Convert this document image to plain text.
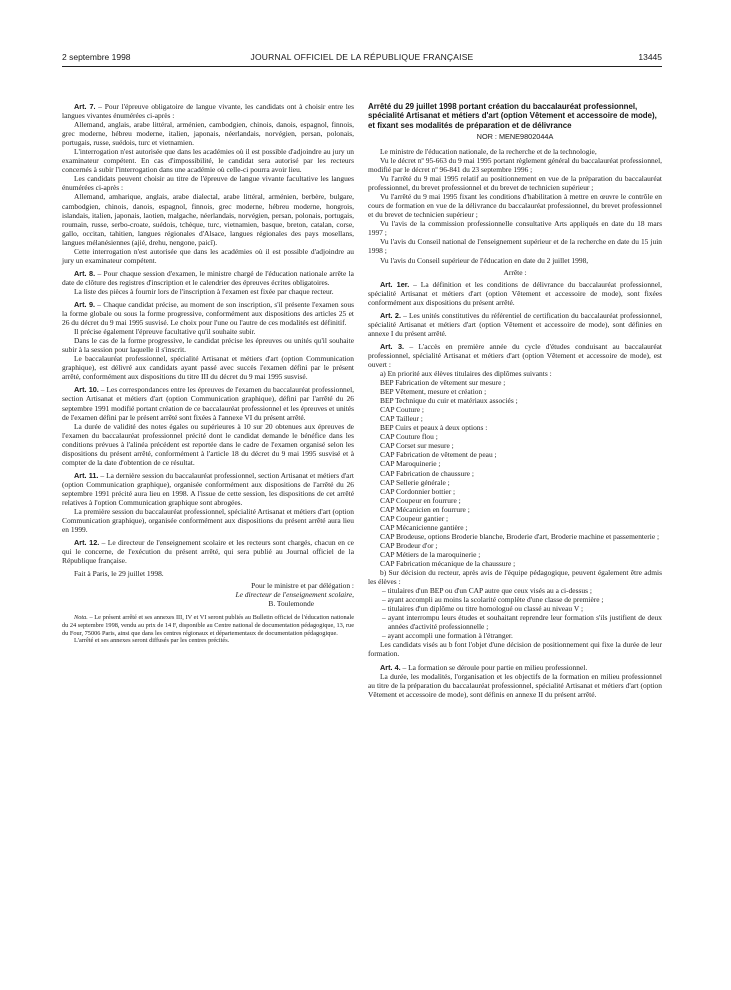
2 septembre 1998	JOURNAL OFFICIEL DE LA RÉPUBLIQUE FRANÇAISE	13445

Art. 7. – Pour l'épreuve obligatoire de langue vivante, les candidats ont à choisir entre les langues vivantes énumérées ci-après :

Allemand, anglais, arabe littéral, arménien, cambodgien, chinois, danois, espagnol, finnois, grec moderne, hébreu moderne, italien, japonais, néerlandais, norvégien, persan, polonais, portugais, russe, suédois, turc et vietnamien.

L'interrogation n'est autorisée que dans les académies où il est possible d'adjoindre au jury un examinateur compétent. En cas d'impossibilité, le candidat sera autorisé par les recteurs concernés à subir l'interrogation dans une académie où celle-ci pourra avoir lieu.

Les candidats peuvent choisir au titre de l'épreuve de langue vivante facultative les langues énumérées ci-après :

Allemand, amharique, anglais, arabe dialectal, arabe littéral, arménien, berbère, bulgare, cambodgien, chinois, danois, espagnol, finnois, grec moderne, hébreu moderne, hongrois, islandais, italien, japonais, laotien, malgache, néerlandais, norvégien, persan, polonais, portugais, roumain, russe, serbo-croate, suédois, tchèque, turc, vietnamien, basque, breton, catalan, corse, gallo, occitan, tahitien, langues régionales d'Alsace, langues régionales des pays mosellans, langues mélanésiennes (ajié, drehu, nengone, paicî).

Cette interrogation n'est autorisée que dans les académies où il est possible d'adjoindre au jury un examinateur compétent.

Art. 8. – Pour chaque session d'examen, le ministre chargé de l'éducation nationale arrête la date de clôture des registres d'inscription et le calendrier des épreuves écrites obligatoires.

La liste des pièces à fournir lors de l'inscription à l'examen est fixée par chaque recteur.

Art. 9. – Chaque candidat précise, au moment de son inscription, s'il présente l'examen sous la forme globale ou sous la forme progressive, conformément aux dispositions des articles 25 et 26 du décret du 9 mai 1995 susvisé. Le choix pour l'une ou l'autre de ces modalités est définitif.

Il précise également l'épreuve facultative qu'il souhaite subir.

Dans le cas de la forme progressive, le candidat précise les épreuves ou unités qu'il souhaite subir à la session pour laquelle il s'inscrit.

Le baccalauréat professionnel, spécialité Artisanat et métiers d'art (option Communication graphique), est délivré aux candidats ayant passé avec succès l'examen défini par le présent arrêté, conformément aux dispositions du titre III du décret du 9 mai 1995 susvisé.

Art. 10. – Les correspondances entre les épreuves de l'examen du baccalauréat professionnel, section Artisanat et métiers d'art (option Communication graphique), défini par l'arrêté du 26 septembre 1991 modifié portant création de ce baccalauréat professionnel et les épreuves et unités de l'examen défini par le présent arrêté sont fixées à l'annexe VI du présent arrêté.

La durée de validité des notes égales ou supérieures à 10 sur 20 obtenues aux épreuves de l'examen du baccalauréat professionnel précité dont le candidat demande le bénéfice dans les conditions prévues à l'alinéa précédent est reportée dans le cadre de l'examen organisé selon les dispositions du présent arrêté, conformément à l'article 18 du décret du 9 mai 1995 susvisé et à compter de la date d'obtention de ce résultat.

Art. 11. – La dernière session du baccalauréat professionnel, section Artisanat et métiers d'art (option Communication graphique), organisée conformément aux dispositions de l'arrêté du 26 septembre 1991 précité aura lieu en 1998. A l'issue de cette session, les dispositions de cet arrêté relatives à l'option Communication graphique sont abrogées.

La première session du baccalauréat professionnel, spécialité Artisanat et métiers d'art (option Communication graphique), organisée conformément aux dispositions du présent arrêté aura lieu en 1999.

Art. 12. – Le directeur de l'enseignement scolaire et les recteurs sont chargés, chacun en ce qui le concerne, de l'exécution du présent arrêté, qui sera publié au Journal officiel de la République française.

Fait à Paris, le 29 juillet 1998.

Pour le ministre et par délégation :

Le directeur de l'enseignement scolaire,

B. Toulemonde

Nota. – Le présent arrêté et ses annexes III, IV et VI seront publiés au Bulletin officiel de l'éducation nationale du 24 septembre 1998, vendu au prix de 14 F, disponible au Centre national de documentation pédagogique, 13, rue du Four, 75006 Paris, ainsi que dans les centres régionaux et départementaux de documentation pédagogique.

L'arrêté et ses annexes seront diffusés par les centres précités.

Arrêté du 29 juillet 1998 portant création du baccalauréat professionnel, spécialité Artisanat et métiers d'art (option Vêtement et accessoire de mode), et fixant ses modalités de préparation et de délivrance

NOR : MENE9802044A

Le ministre de l'éducation nationale, de la recherche et de la technologie,

Vu le décret nº 95-663 du 9 mai 1995 portant règlement général du baccalauréat professionnel, modifié par le décret nº 96-841 du 23 septembre 1996 ;

Vu l'arrêté du 9 mai 1995 relatif au positionnement en vue de la préparation du baccalauréat professionnel, du brevet professionnel et du brevet de technicien supérieur ;

Vu l'arrêté du 9 mai 1995 fixant les conditions d'habilitation à mettre en œuvre le contrôle en cours de formation en vue de la délivrance du baccalauréat professionnel, du brevet professionnel et du brevet de technicien supérieur ;

Vu l'avis de la commission professionnelle consultative Arts appliqués en date du 18 mars 1997 ;

Vu l'avis du Conseil national de l'enseignement supérieur et de la recherche en date du 15 juin 1998 ;

Vu l'avis du Conseil supérieur de l'éducation en date du 2 juillet 1998,

Arrête :

Art. 1er. – La définition et les conditions de délivrance du baccalauréat professionnel, spécialité Artisanat et métiers d'art (option Vêtement et accessoire de mode), sont fixées conformément aux dispositions du présent arrêté.

Art. 2. – Les unités constitutives du référentiel de certification du baccalauréat professionnel, spécialité Artisanat et métiers d'art (option Vêtement et accessoire de mode), sont définies en annexe I du présent arrêté.

Art. 3. – L'accès en première année du cycle d'études conduisant au baccalauréat professionnel, spécialité Artisanat et métiers d'art (option Vêtement et accessoire de mode), est ouvert :

a) En priorité aux élèves titulaires des diplômes suivants :

BEP Fabrication de vêtement sur mesure ;

BEP Vêtement, mesure et création ;

BEP Technique du cuir et matériaux associés ;

CAP Couture ;

CAP Tailleur ;

BEP Cuirs et peaux à deux options :

CAP Couture flou ;

CAP Corset sur mesure ;

CAP Fabrication de vêtement de peau ;

CAP Maroquinerie ;

CAP Fabrication de chaussure ;

CAP Sellerie générale ;

CAP Cordonnier bottier ;

CAP Coupeur en fourrure ;

CAP Mécanicien en fourrure ;

CAP Coupeur gantier ;

CAP Mécanicienne gantière ;

CAP Brodeuse, options Broderie blanche, Broderie d'art, Broderie machine et passementerie ;

CAP Brodeur d'or ;

CAP Métiers de la maroquinerie ;

CAP Fabrication mécanique de la chaussure ;

b) Sur décision du recteur, après avis de l'équipe pédagogique, peuvent également être admis les élèves :

– titulaires d'un BEP ou d'un CAP autre que ceux visés au a ci-dessus ;

– ayant accompli au moins la scolarité complète d'une classe de première ;

– titulaires d'un diplôme ou titre homologué ou classé au niveau V ;

– ayant interrompu leurs études et souhaitant reprendre leur formation s'ils justifient de deux années d'activité professionnelle ;

– ayant accompli une formation à l'étranger.

Les candidats visés au b font l'objet d'une décision de positionnement qui fixe la durée de leur formation.

Art. 4. – La formation se déroule pour partie en milieu professionnel.

La durée, les modalités, l'organisation et les objectifs de la formation en milieu professionnel au titre de la préparation du baccalauréat professionnel, spécialité Artisanat et métiers d'art (option Vêtement et accessoire de mode), sont définis en annexe II du présent arrêté.
